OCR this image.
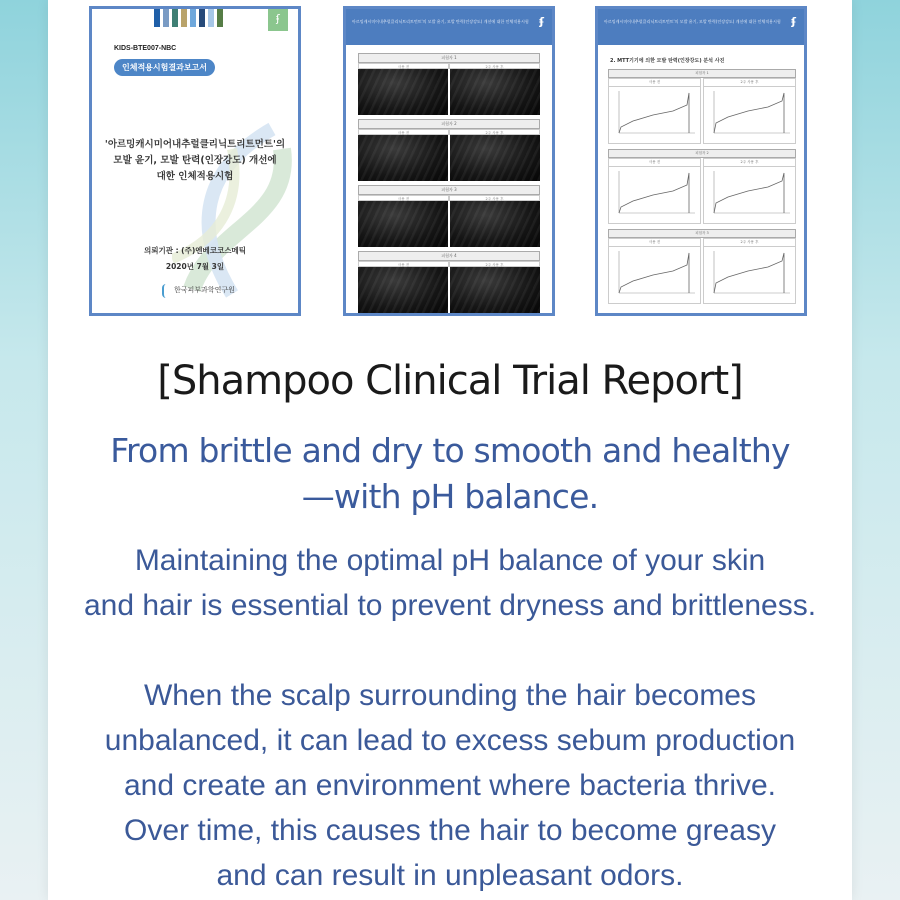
ʄ
KIDS-BTE007-NBC
인체적용시험결과보고서
'아르밍캐시미어내추럴클리닉트리트먼트'의
모발 윤기, 모발 탄력(인장강도) 개선에
대한 인체적용시험
의뢰기관 : (주)엔베코코스메틱
2020년 7월 3일
한국피부과학연구원
아르밍캐시미어내추럴클리닉트리트먼트'의 모발 윤기, 모발 탄력(인장강도) 개선에 대한 인체적용시험 ʄ
피험자 1
사용 전	2주 사용 후
피험자 2
사용 전	2주 사용 후
피험자 3
사용 전	2주 사용 후
피험자 4
사용 전	2주 사용 후
아르밍캐시미어내추럴클리닉트리트먼트'의 모발 윤기, 모발 탄력(인장강도) 개선에 대한 인체적용시험 ʄ
2. MTT기기에 의한 모발 탄력(인장강도) 분석 사진
피험자 1
사용 전	2주 사용 후
피험자 2
사용 전	2주 사용 후
피험자 3
사용 전	2주 사용 후
[Shampoo Clinical Trial Report]
From brittle and dry to smooth and healthy
—with pH balance.
Maintaining the optimal pH balance of your skin
and hair is essential to prevent dryness and brittleness.
When the scalp surrounding the hair becomes
unbalanced, it can lead to excess sebum production
and create an environment where bacteria thrive.
Over time, this causes the hair to become greasy
and can result in unpleasant odors.
